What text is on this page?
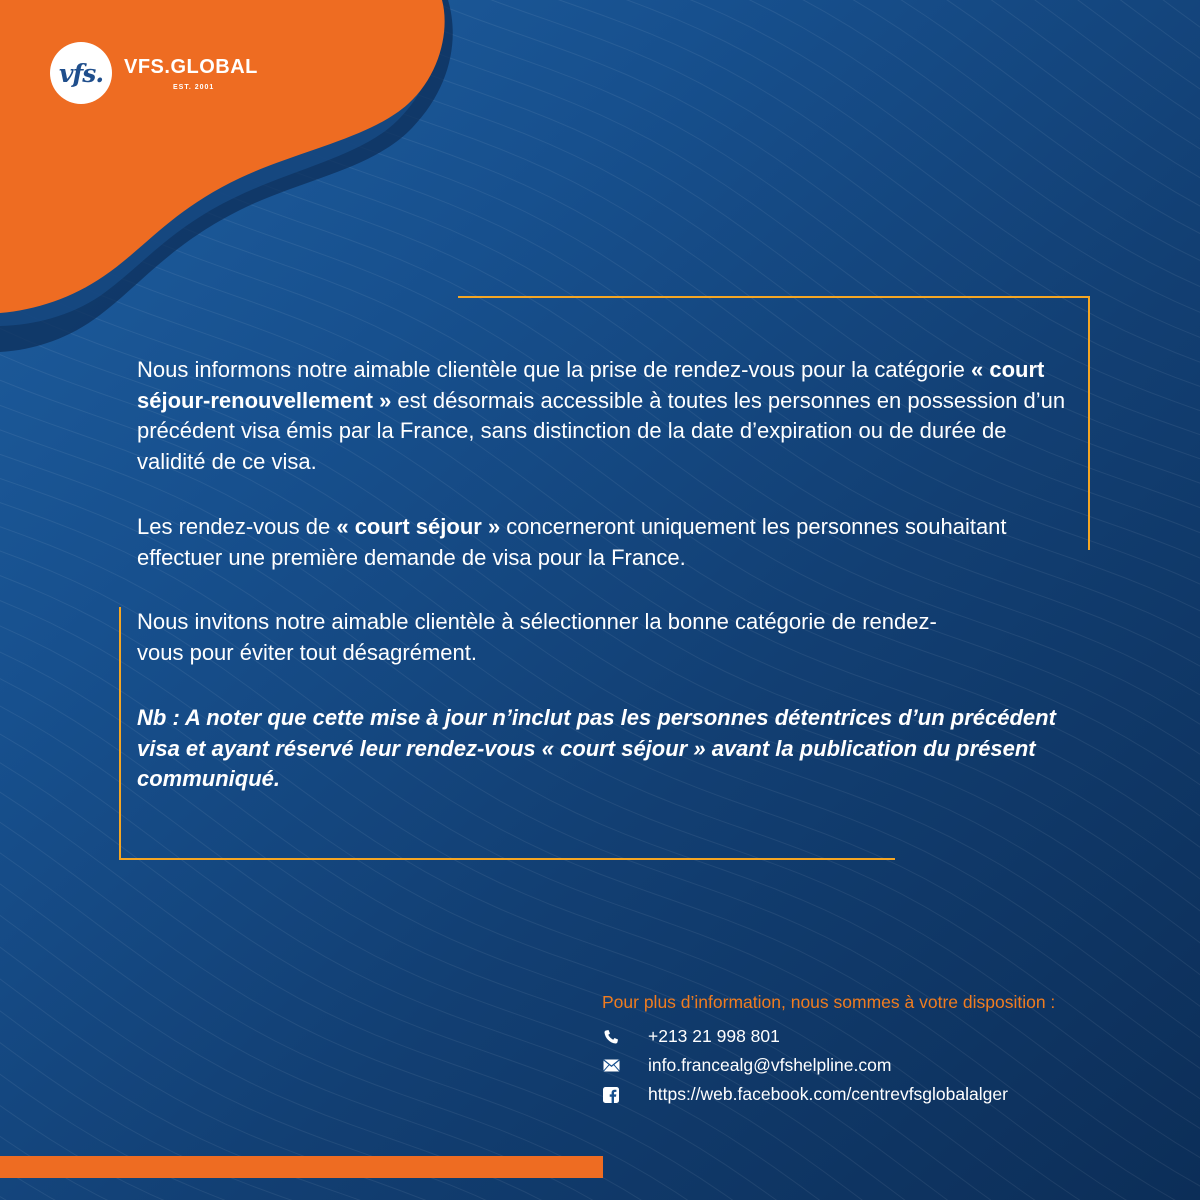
vfs. VFS.GLOBAL
EST. 2001

Nous informons notre aimable clientèle que la prise de rendez-vous pour la catégorie « court séjour-renouvellement » est désormais accessible à toutes les personnes en possession d’un précédent visa émis par la France, sans distinction de la date d’expiration ou de durée de validité de ce visa.

Les rendez-vous de « court séjour » concerneront uniquement les personnes souhaitant effectuer une première demande de visa pour la France.

Nous invitons notre aimable clientèle à sélectionner la bonne catégorie de rendez-vous pour éviter tout désagrément.

Nb : A noter que cette mise à jour n’inclut pas les personnes détentrices d’un précédent visa et ayant réservé leur rendez-vous « court séjour » avant la publication du présent communiqué.

Pour plus d’information, nous sommes à votre disposition :

+213 21 998 801
info.francealg@vfshelpline.com
https://web.facebook.com/centrevfsglobalalger
